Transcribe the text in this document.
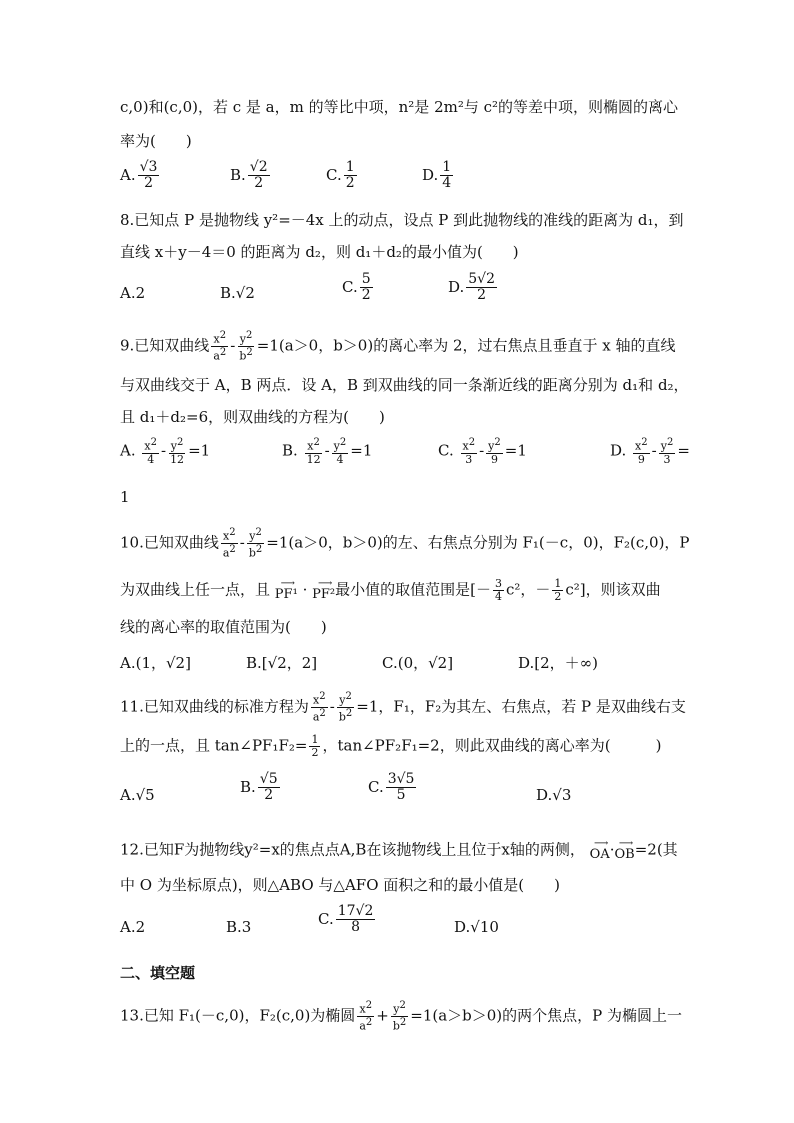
c,0)和(c,0)，若 c 是 a，m 的等比中项，n²是 2m²与 c²的等差中项，则椭圆的离心
率为(　　)
A. $\frac{√3}{2}$	B. $\frac{√2}{2}$	C. $\frac{1}{2}$	D. $\frac{1}{4}$
8.已知点 P 是抛物线 y²=－4x 上的动点，设点 P 到此抛物线的准线的距离为 d₁，到
直线 x＋y－4＝0 的距离为 d₂，则 d₁＋d₂的最小值为(　　)
A.2	B.√2	C. $\frac{5}{2}$	D. $\frac{5√2}{2}$
9.已知双曲线 $\frac{x^2}{a^2} - \frac{y^2}{b^2} =1(a>0$，b＞0)的离心率为 2，过右焦点且垂直于 x 轴的直线
与双曲线交于 A，B 两点．设 A，B 到双曲线的同一条渐近线的距离分别为 d₁和 d₂，
且 d₁＋d₂=6，则双曲线的方程为(　　)
A. $\frac{x^2}{4} - \frac{y^2}{12} =1$	B. $\frac{x^2}{12} - \frac{y^2}{4} =1$	C. $\frac{x^2}{3} - \frac{y^2}{9} =1$	D. $\frac{x^2}{9} - \frac{y^2}{3}$ =
1
10.已知双曲线 $\frac{x^2}{a^2} - \frac{y^2}{b^2} =1(a>0$，b＞0)的左、右焦点分别为 F₁(－c，0)，F₂(c,0)，P
为双曲线上任一点，且 ⟶
PF¹ · ⟶
PF² 最小值的取值范围是[－ $\frac{3}{4} c^2$，－ $\frac{1}{2} c^2$]，则该双曲
线的离心率的取值范围为(　　)
A.(1，√2]	B.[√2，2]	C.(0，√2]	D.[2，＋∞)
11.已知双曲线的标准方程为 $\frac{x^2}{a^2} - \frac{y^2}{b^2} =1$，F₁，F₂为其左、右焦点，若 P 是双曲线右支
上的一点，且 tan∠PF₁F₂= $\frac{1}{2}$ ，tan∠PF₂F₁=2，则此双曲线的离心率为(　　　)
A.√5	B. $\frac{√5}{2}$	C. $\frac{3√5}{5}$	D.√3
12.已知F为抛物线y²=x的焦点点A,B在该抛物线上且位于x轴的两侧， ⟶
OA · ⟶
OB =2(其
中 O 为坐标原点)，则△ABO 与△AFO 面积之和的最小值是(　　)
A.2	B.3	C. $\frac{17√2}{8}$	D.√10
二、填空题
13.已知 F₁(－c,0)，F₂(c,0)为椭圆 $\frac{x^2}{a^2} + \frac{y^2}{b^2} =1(a>b>0)$的两个焦点，P 为椭圆上一
